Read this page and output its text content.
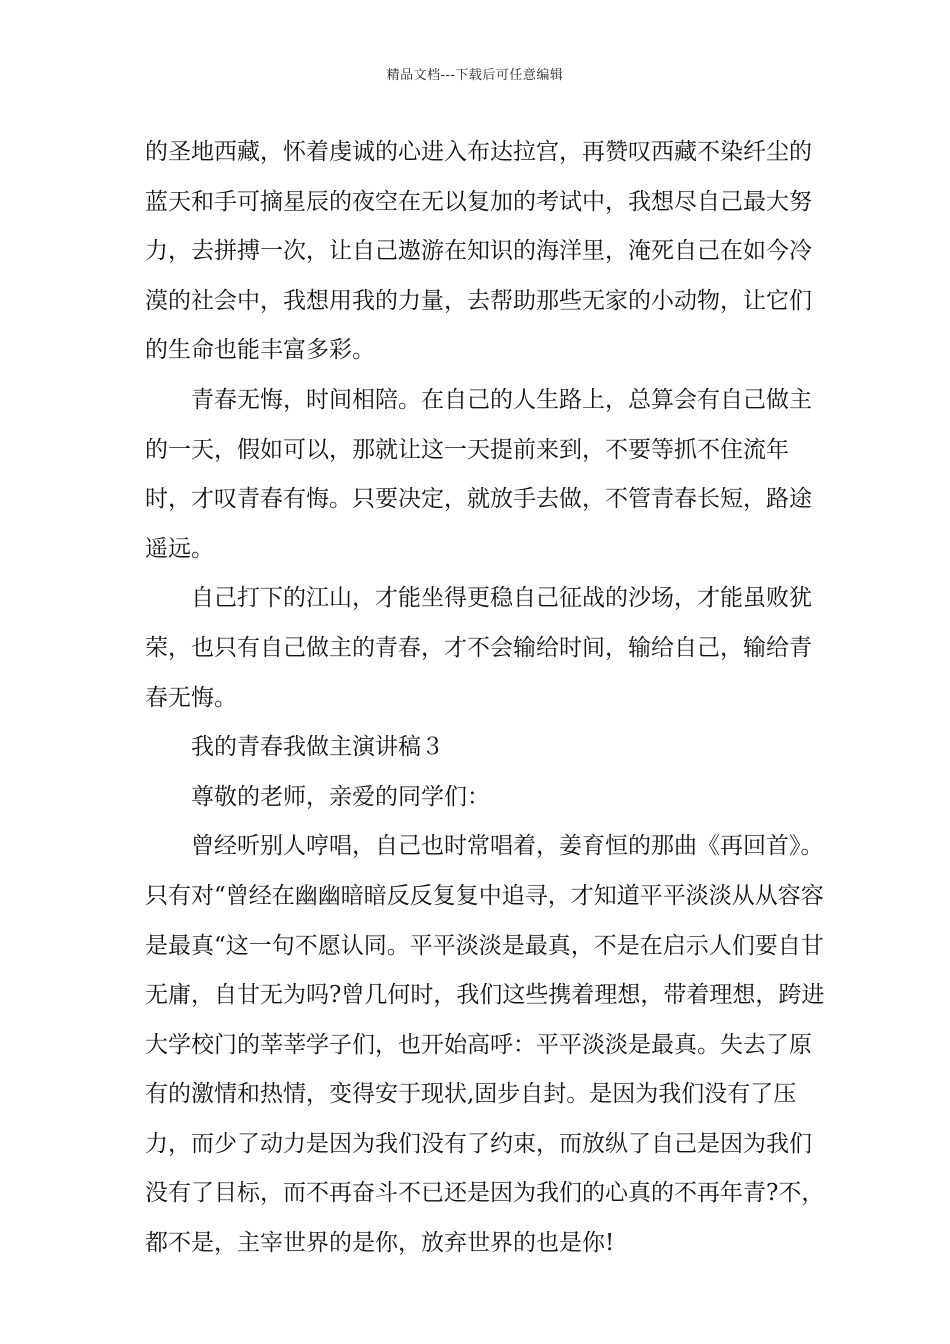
精品文档---下载后可任意编辑

的圣地西藏，怀着虔诚的心进入布达拉宫，再赞叹西藏不染纤尘的蓝天和手可摘星辰的夜空在无以复加的考试中，我想尽自己最大努力，去拼搏一次，让自己遨游在知识的海洋里，淹死自己在如今冷漠的社会中，我想用我的力量，去帮助那些无家的小动物，让它们的生命也能丰富多彩。

青春无悔，时间相陪。在自己的人生路上，总算会有自己做主的一天，假如可以，那就让这一天提前来到，不要等抓不住流年时，才叹青春有悔。只要决定，就放手去做，不管青春长短，路途遥远。

自己打下的江山，才能坐得更稳自己征战的沙场，才能虽败犹荣，也只有自己做主的青春，才不会输给时间，输给自己，输给青春无悔。

我的青春我做主演讲稿３

尊敬的老师，亲爱的同学们：

曾经听别人哼唱，自己也时常唱着，姜育恒的那曲《再回首》。只有对“曾经在幽幽暗暗反反复复中追寻，才知道平平淡淡从从容容是最真“这一句不愿认同。平平淡淡是最真，不是在启示人们要自甘无庸，自甘无为吗?曾几何时，我们这些携着理想，带着理想，跨进大学校门的莘莘学子们，也开始高呼：平平淡淡是最真。失去了原有的激情和热情，变得安于现状,固步自封。是因为我们没有了压力，而少了动力是因为我们没有了约束，而放纵了自己是因为我们没有了目标，而不再奋斗不已还是因为我们的心真的不再年青?不，都不是，主宰世界的是你，放弃世界的也是你!
